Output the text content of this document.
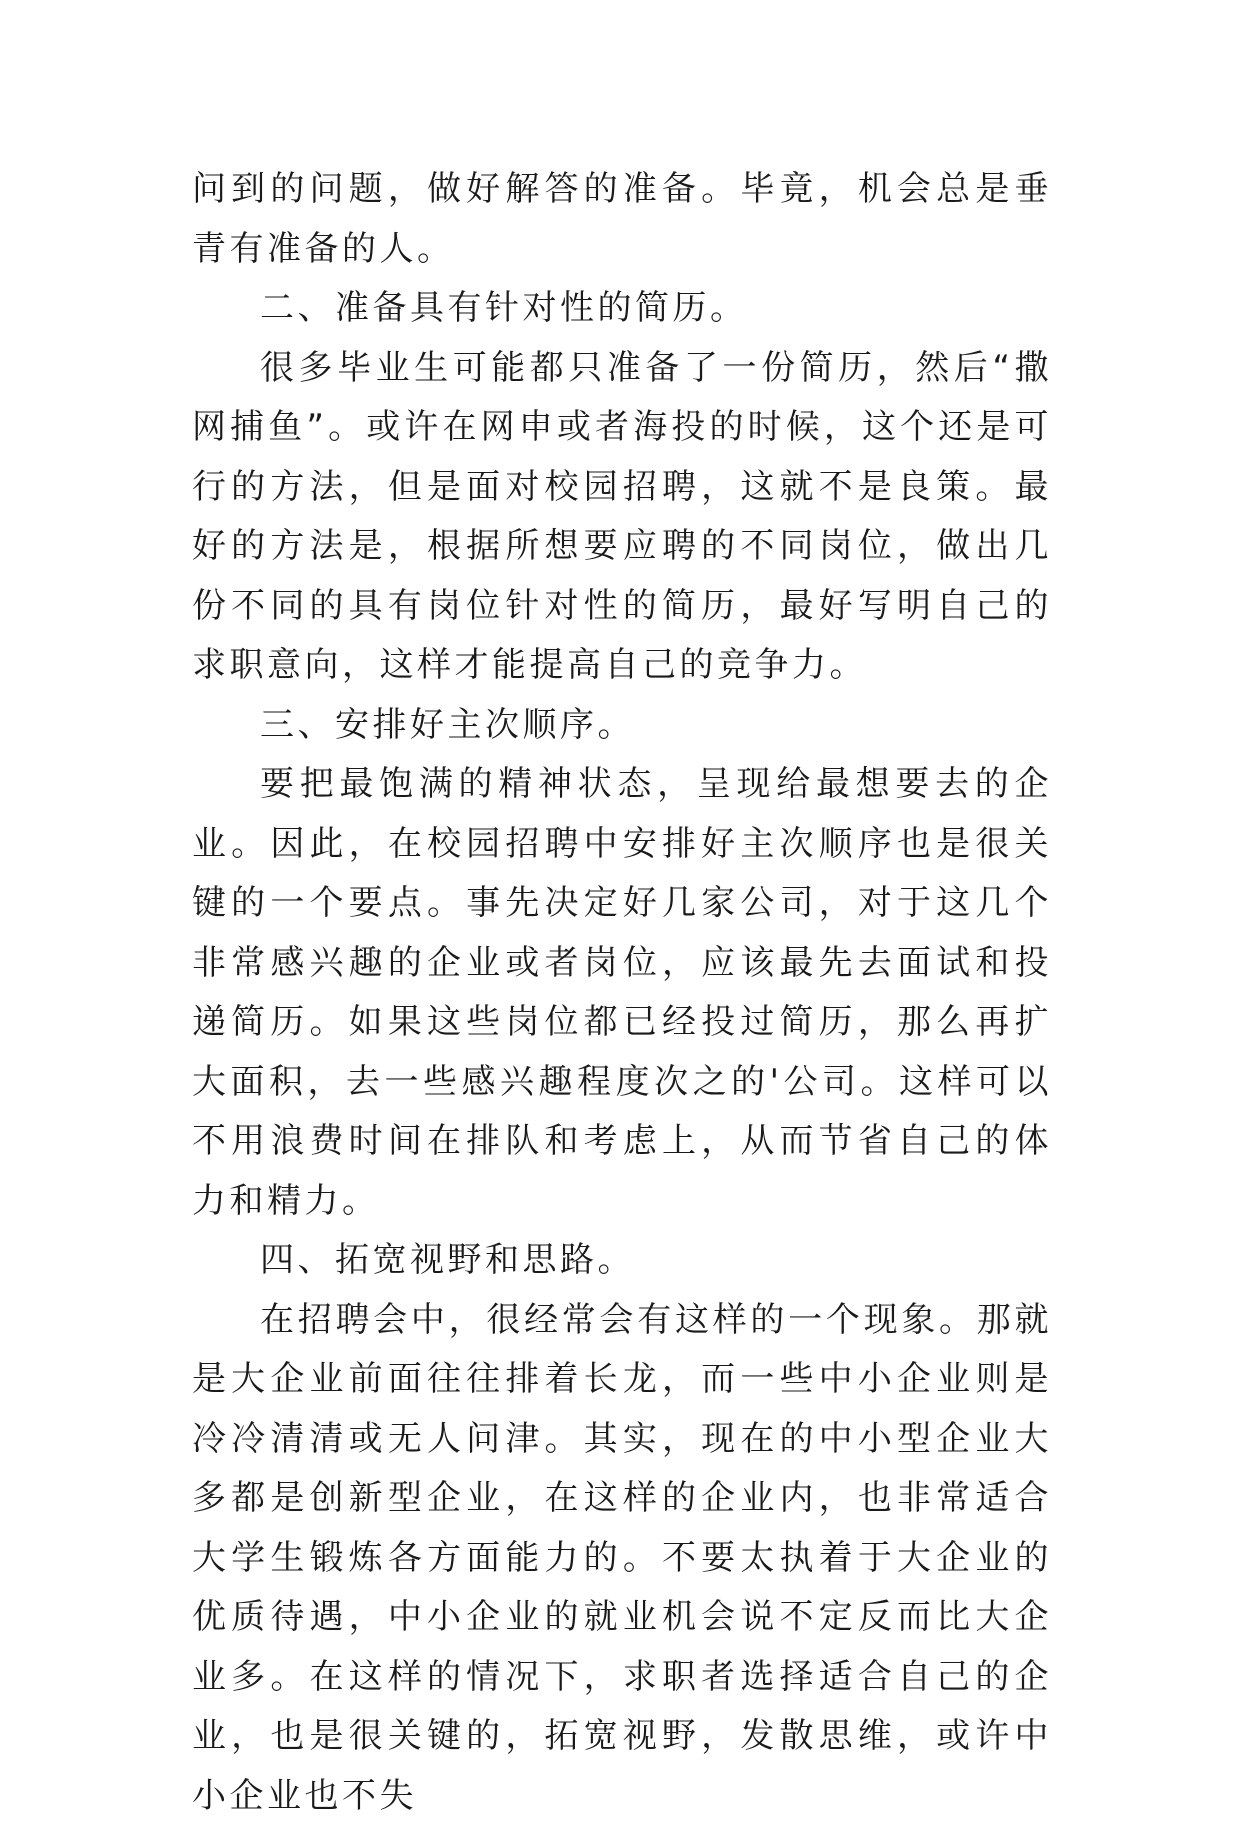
问到的问题，做好解答的准备。毕竟，机会总是垂青有准备的人。

二、准备具有针对性的简历。

很多毕业生可能都只准备了一份简历，然后“撒网捕鱼”。或许在网申或者海投的时候，这个还是可行的方法，但是面对校园招聘，这就不是良策。最好的方法是，根据所想要应聘的不同岗位，做出几份不同的具有岗位针对性的简历，最好写明自己的求职意向，这样才能提高自己的竞争力。

三、安排好主次顺序。

要把最饱满的精神状态，呈现给最想要去的企业。因此，在校园招聘中安排好主次顺序也是很关键的一个要点。事先决定好几家公司，对于这几个非常感兴趣的企业或者岗位，应该最先去面试和投递简历。如果这些岗位都已经投过简历，那么再扩大面积，去一些感兴趣程度次之的'公司。这样可以不用浪费时间在排队和考虑上，从而节省自己的体力和精力。

四、拓宽视野和思路。

在招聘会中，很经常会有这样的一个现象。那就是大企业前面往往排着长龙，而一些中小企业则是冷冷清清或无人问津。其实，现在的中小型企业大多都是创新型企业，在这样的企业内，也非常适合大学生锻炼各方面能力的。不要太执着于大企业的优质待遇，中小企业的就业机会说不定反而比大企业多。在这样的情况下，求职者选择适合自己的企业，也是很关键的，拓宽视野，发散思维，或许中小企业也不失
